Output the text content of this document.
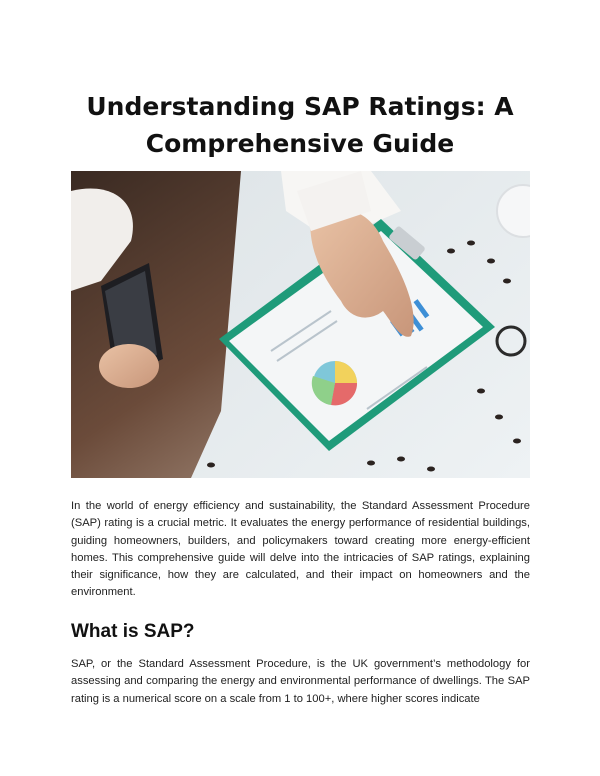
Understanding SAP Ratings: A Comprehensive Guide

In the world of energy efficiency and sustainability, the Standard Assessment Procedure (SAP) rating is a crucial metric. It evaluates the energy performance of residential buildings, guiding homeowners, builders, and policymakers toward creating more energy-efficient homes. This comprehensive guide will delve into the intricacies of SAP ratings, explaining their significance, how they are calculated, and their impact on homeowners and the environment.

What is SAP?

SAP, or the Standard Assessment Procedure, is the UK government’s methodology for assessing and comparing the energy and environmental performance of dwellings. The SAP rating is a numerical score on a scale from 1 to 100+, where higher scores indicate
